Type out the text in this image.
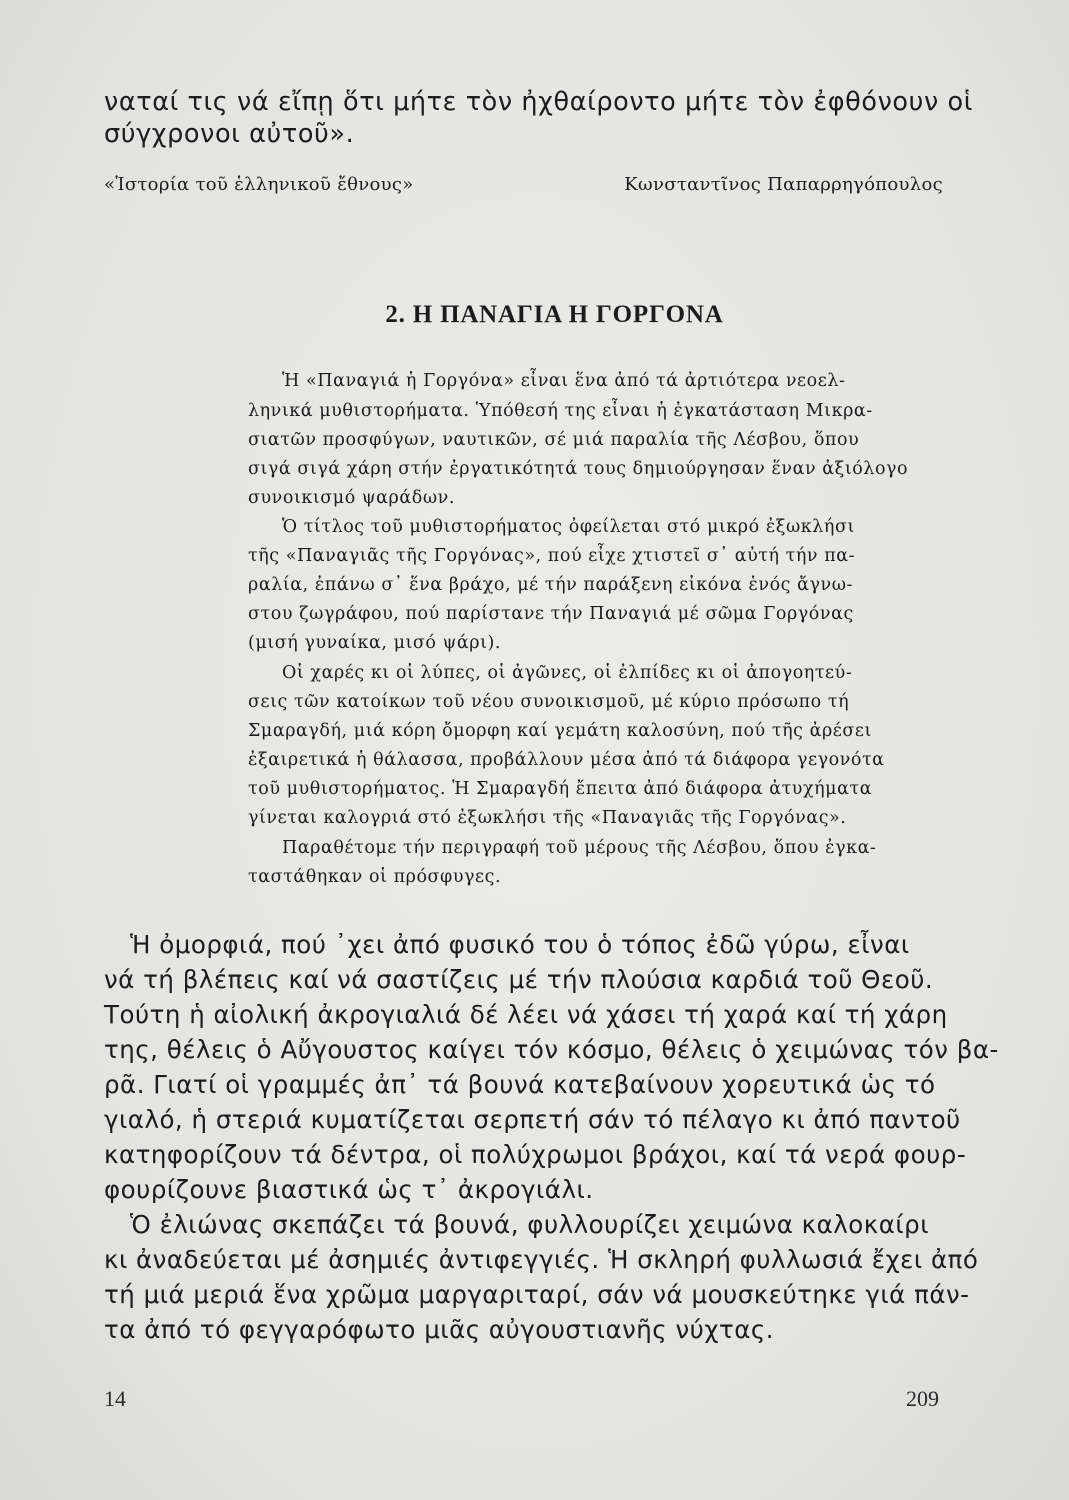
ναταί τις νά εἴπῃ ὅτι μήτε τὸν ἠχθαίροντο μήτε τὸν ἐφθόνουν οἱ
σύγχρονοι αὐτοῦ».
«Ἱστορία τοῦ ἑλληνικοῦ ἔθνους»	Κωνσταντῖνος Παπαρρηγόπουλος
2. Η ΠΑΝΑΓΙΑ Η ΓΟΡΓΟΝΑ
Ἡ «Παναγιά ἡ Γοργόνα» εἶναι ἕνα ἀπό τά ἀρτιότερα νεοελ-
ληνικά μυθιστορήματα. Ὑπόθεσή της εἶναι ἡ ἐγκατάσταση Μικρα-
σιατῶν προσφύγων, ναυτικῶν, σέ μιά παραλία τῆς Λέσβου, ὅπου
σιγά σιγά χάρη στήν ἐργατικότητά τους δημιούργησαν ἕναν ἀξιόλογο
συνοικισμό ψαράδων.
Ὁ τίτλος τοῦ μυθιστορήματος ὀφείλεται στό μικρό ἐξωκλήσι
τῆς «Παναγιᾶς τῆς Γοργόνας», πού εἶχε χτιστεῖ σ᾿ αὐτή τήν πα-
ραλία, ἐπάνω σ᾿ ἕνα βράχο, μέ τήν παράξενη εἰκόνα ἑνός ἄγνω-
στου ζωγράφου, πού παρίστανε τήν Παναγιά μέ σῶμα Γοργόνας
(μισή γυναίκα, μισό ψάρι).
Οἱ χαρές κι οἱ λύπες, οἱ ἀγῶνες, οἱ ἐλπίδες κι οἱ ἀπογοητεύ-
σεις τῶν κατοίκων τοῦ νέου συνοικισμοῦ, μέ κύριο πρόσωπο τή
Σμαραγδή, μιά κόρη ὄμορφη καί γεμάτη καλοσύνη, πού τῆς ἀρέσει
ἐξαιρετικά ἡ θάλασσα, προβάλλουν μέσα ἀπό τά διάφορα γεγονότα
τοῦ μυθιστορήματος. Ἡ Σμαραγδή ἔπειτα ἀπό διάφορα ἀτυχήματα
γίνεται καλογριά στό ἐξωκλήσι τῆς «Παναγιᾶς τῆς Γοργόνας».
Παραθέτομε τήν περιγραφή τοῦ μέρους τῆς Λέσβου, ὅπου ἐγκα-
ταστάθηκαν οἱ πρόσφυγες.
Ἡ ὀμορφιά, πού ᾿χει ἀπό φυσικό του ὁ τόπος ἐδῶ γύρω, εἶναι
νά τή βλέπεις καί νά σαστίζεις μέ τήν πλούσια καρδιά τοῦ Θεοῦ.
Τούτη ἡ αἰολική ἀκρογιαλιά δέ λέει νά χάσει τή χαρά καί τή χάρη
της, θέλεις ὁ Αὔγουστος καίγει τόν κόσμο, θέλεις ὁ χειμώνας τόν βα-
ρᾶ. Γιατί οἱ γραμμές ἀπ᾿ τά βουνά κατεβαίνουν χορευτικά ὡς τό
γιαλό, ἡ στεριά κυματίζεται σερπετή σάν τό πέλαγο κι ἀπό παντοῦ
κατηφορίζουν τά δέντρα, οἱ πολύχρωμοι βράχοι, καί τά νερά φουρ-
φουρίζουνε βιαστικά ὡς τ᾿ ἀκρογιάλι.
Ὁ ἐλιώνας σκεπάζει τά βουνά, φυλλουρίζει χειμώνα καλοκαίρι
κι ἀναδεύεται μέ ἀσημιές ἀντιφεγγιές. Ἡ σκληρή φυλλωσιά ἔχει ἀπό
τή μιά μεριά ἕνα χρῶμα μαργαριταρί, σάν νά μουσκεύτηκε γιά πάν-
τα ἀπό τό φεγγαρόφωτο μιᾶς αὐγουστιανῆς νύχτας.
14	209
